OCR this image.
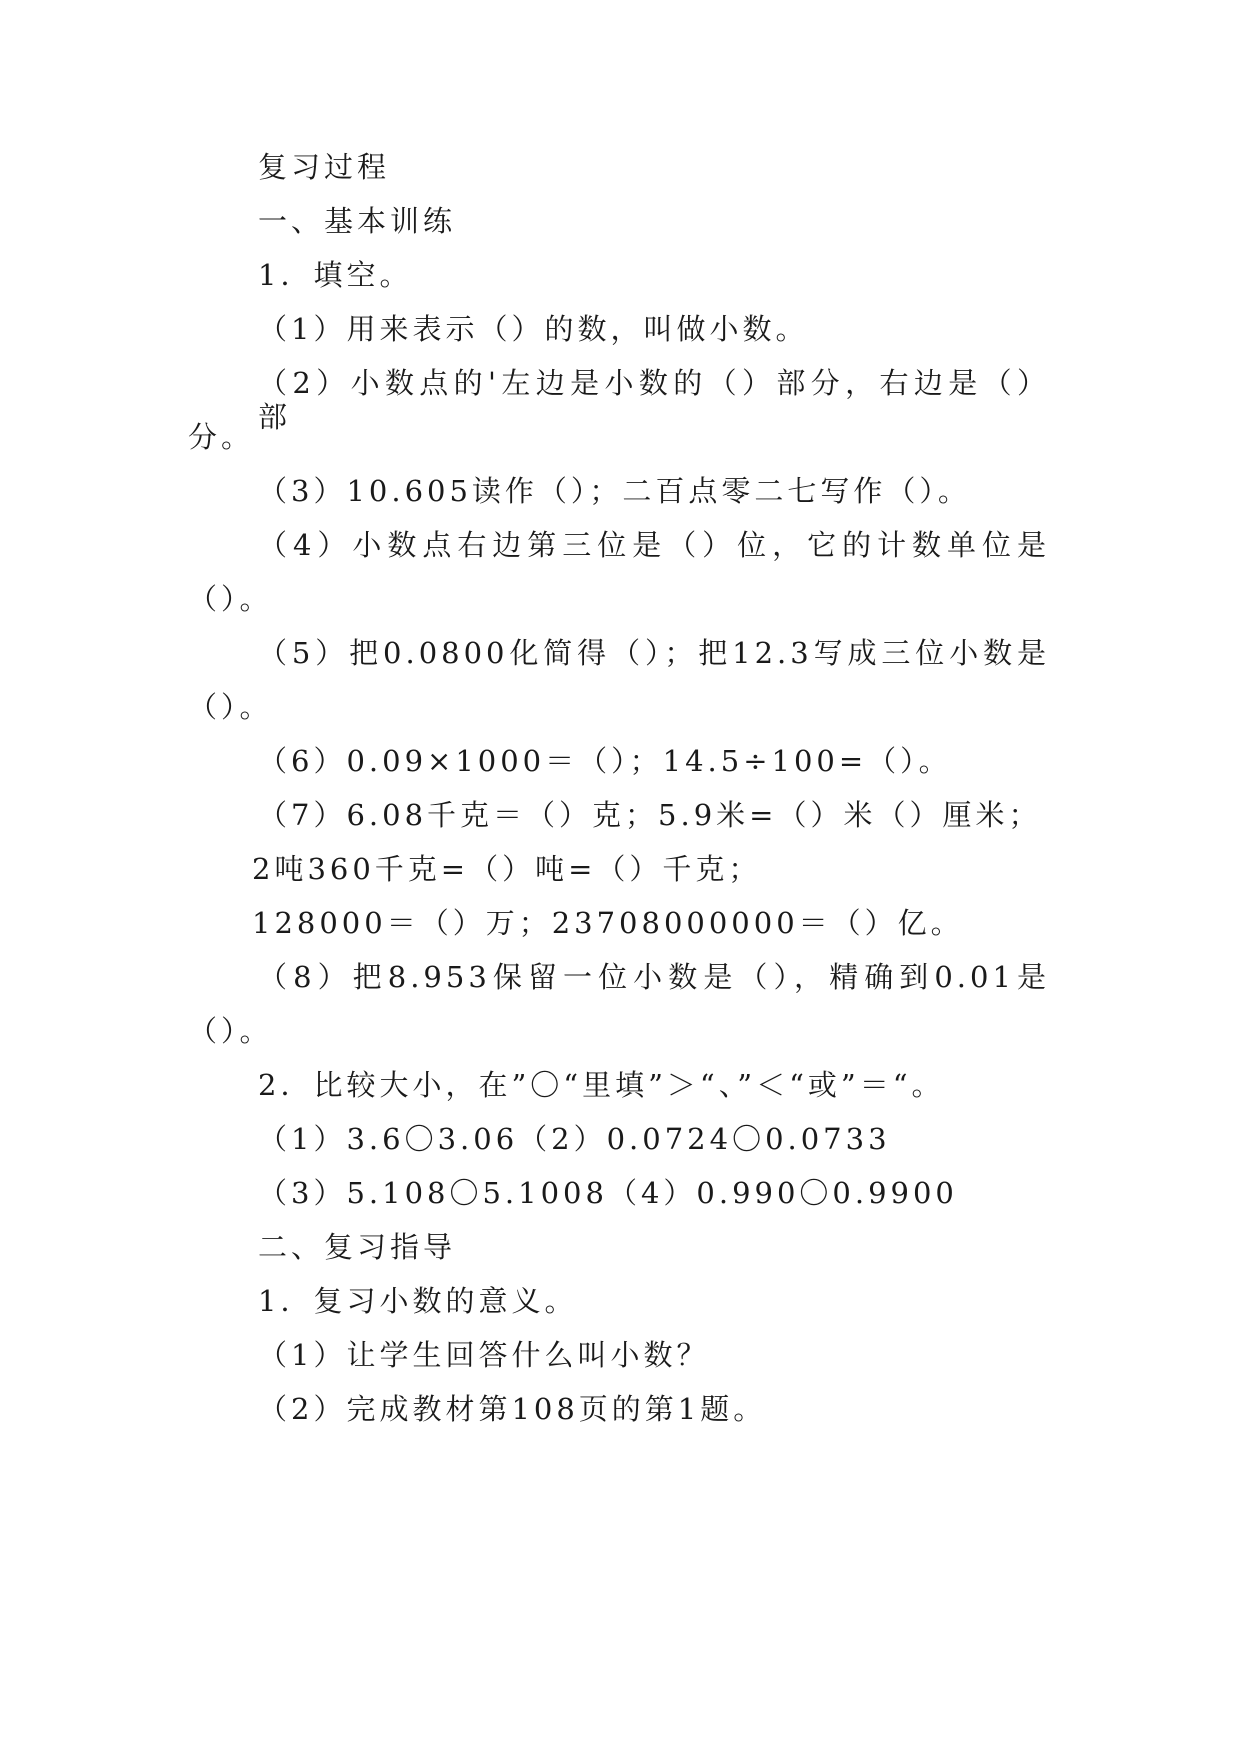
复习过程
一、基本训练
1．填空。
（1）用来表示（）的数，叫做小数。
（2）小数点的'左边是小数的（）部分，右边是（）部
分。
（3）10.605读作（）；二百点零二七写作（）。
（4）小数点右边第三位是（）位，它的计数单位是
（）。
（5）把0.0800化简得（）；把12.3写成三位小数是
（）。
（6）0.09×1000＝（）；14.5÷100=（）。
（7）6.08千克＝（）克；5.9米=（）米（）厘米；
2吨360千克=（）吨=（）千克；
128000＝（）万；23708000000＝（）亿。
（8）把8.953保留一位小数是（），精确到0.01是
（）。
2．比较大小，在”〇“里填”＞“、”＜“或”＝“。
（1）3.6〇3.06（2）0.0724〇0.0733
（3）5.108〇5.1008（4）0.990〇0.9900
二、复习指导
1．复习小数的意义。
（1）让学生回答什么叫小数？
（2）完成教材第108页的第1题。
